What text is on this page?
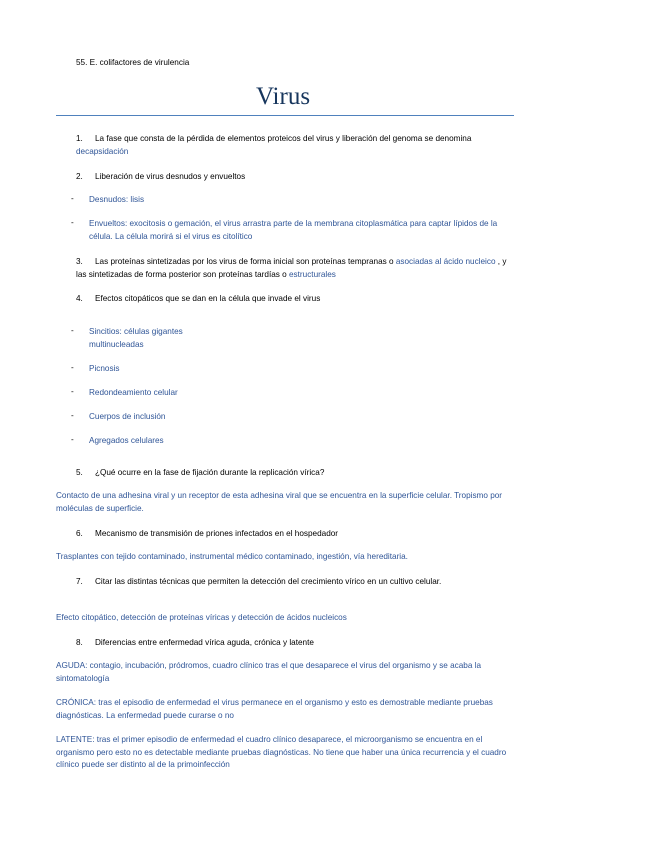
55. E. colifactores de virulencia
Virus
1. La fase que consta de la pérdida de elementos proteicos del virus y liberación del genoma se denomina decapsidación
2. Liberación de virus desnudos y envueltos
- Desnudos: lisis
- Envueltos: exocitosis o gemación, el virus arrastra parte de la membrana citoplasmática para captar lípidos de la célula. La célula morirá si el virus es citolítico
3. Las proteínas sintetizadas por los virus de forma inicial son proteínas tempranas o asociadas al ácido nucleico , y las sintetizadas de forma posterior son proteínas tardías o estructurales
4. Efectos citopáticos que se dan en la célula que invade el virus
- Sincitios: células gigantes multinucleadas
- Picnosis
- Redondeamiento celular
- Cuerpos de inclusión
- Agregados celulares
5. ¿Qué ocurre en la fase de fijación durante la replicación vírica?
Contacto de una adhesina viral y un receptor de esta adhesina viral que se encuentra en la superficie celular. Tropismo por moléculas de superficie.
6. Mecanismo de transmisión de priones infectados en el hospedador
Trasplantes con tejido contaminado, instrumental médico contaminado, ingestión, vía hereditaria.
7. Citar las distintas técnicas que permiten la detección del crecimiento vírico en un cultivo celular.
Efecto citopático, detección de proteínas víricas y detección de ácidos nucleicos
8. Diferencias entre enfermedad vírica aguda, crónica y latente
AGUDA: contagio, incubación, pródromos, cuadro clínico tras el que desaparece el virus del organismo y se acaba la sintomatología
CRÓNICA: tras el episodio de enfermedad el virus permanece en el organismo y esto es demostrable mediante pruebas diagnósticas. La enfermedad puede curarse o no
LATENTE: tras el primer episodio de enfermedad el cuadro clínico desaparece, el microorganismo se encuentra en el organismo pero esto no es detectable mediante pruebas diagnósticas. No tiene que haber una única recurrencia y el cuadro clínico puede ser distinto al de la primoinfección
